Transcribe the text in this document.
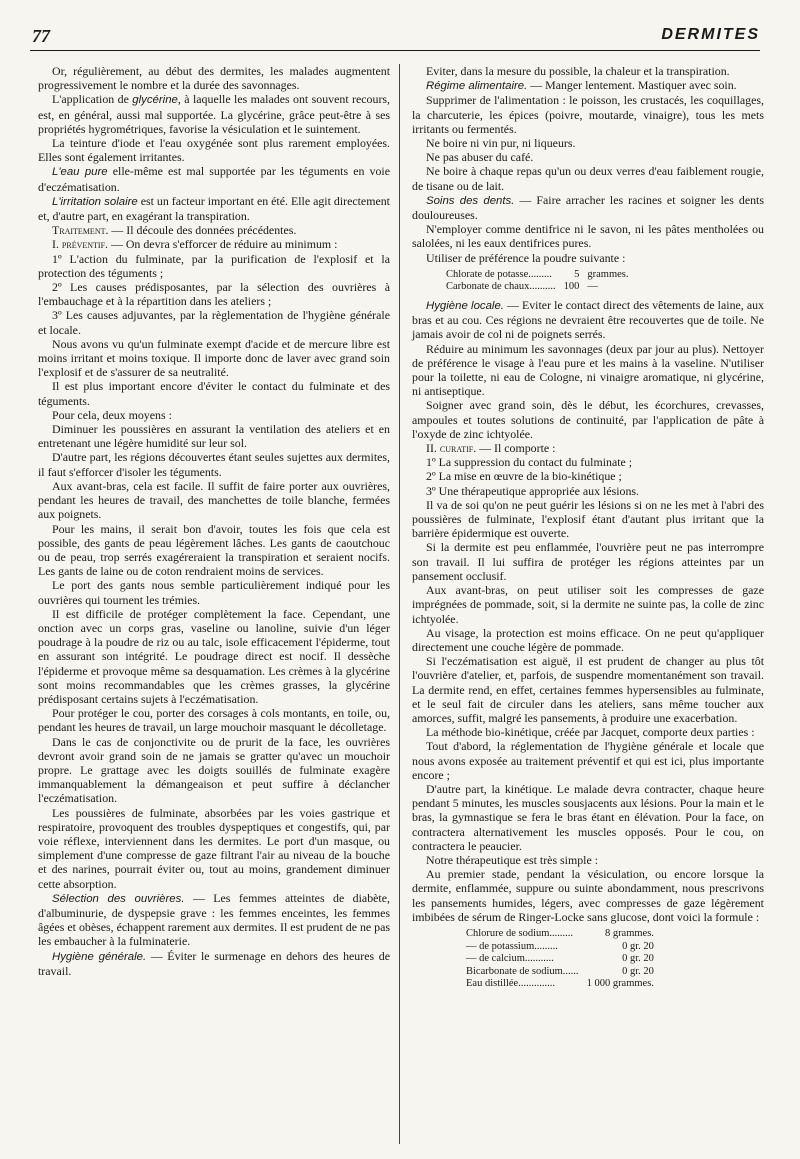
77	DERMITES

Or, régulièrement, au début des dermites, les malades augmentent progressivement le nombre et la durée des savonnages.

L'application de glycérine, à laquelle les malades ont souvent recours, est, en général, aussi mal supportée. La glycérine, grâce peut-être à ses propriétés hygrométriques, favorise la vésiculation et le suintement.

La teinture d'iode et l'eau oxygénée sont plus rarement employées. Elles sont également irritantes.

L'eau pure elle-même est mal supportée par les téguments en voie d'eczématisation.

L'irritation solaire est un facteur important en été. Elle agit directement et, d'autre part, en exagérant la transpiration.

Traitement. — Il découle des données précédentes.

I. préventif. — On devra s'efforcer de réduire au minimum :

1º L'action du fulminate, par la purification de l'explosif et la protection des téguments ;

2º Les causes prédisposantes, par la sélection des ouvrières à l'embauchage et à la répartition dans les ateliers ;

3º Les causes adjuvantes, par la règlementation de l'hygiène générale et locale.

Nous avons vu qu'un fulminate exempt d'acide et de mercure libre est moins irritant et moins toxique. Il importe donc de laver avec grand soin l'explosif et de s'assurer de sa neutralité.

Il est plus important encore d'éviter le contact du fulminate et des téguments.

Pour cela, deux moyens :

Diminuer les poussières en assurant la ventilation des ateliers et en entretenant une légère humidité sur leur sol.

D'autre part, les régions découvertes étant seules sujettes aux dermites, il faut s'efforcer d'isoler les téguments.

Aux avant-bras, cela est facile. Il suffit de faire porter aux ouvrières, pendant les heures de travail, des manchettes de toile blanche, fermées aux poignets.

Pour les mains, il serait bon d'avoir, toutes les fois que cela est possible, des gants de peau légèrement lâches. Les gants de caoutchouc ou de peau, trop serrés exagéreraient la transpiration et seraient nocifs. Les gants de laine ou de coton rendraient moins de services.

Le port des gants nous semble particulièrement indiqué pour les ouvrières qui tournent les trémies.

Il est difficile de protéger complètement la face. Cependant, une onction avec un corps gras, vaseline ou lanoline, suivie d'un léger poudrage à la poudre de riz ou au talc, isole efficacement l'épiderme, tout en assurant son intégrité. Le poudrage direct est nocif. Il dessèche l'épiderme et provoque même sa desquamation. Les crèmes à la glycérine sont moins recommandables que les crèmes grasses, la glycérine prédisposant certains sujets à l'eczématisation.

Pour protéger le cou, porter des corsages à cols montants, en toile, ou, pendant les heures de travail, un large mouchoir masquant le décolletage.

Dans le cas de conjonctivite ou de prurit de la face, les ouvrières devront avoir grand soin de ne jamais se gratter qu'avec un mouchoir propre. Le grattage avec les doigts souillés de fulminate exagère immanquablement la démangeaison et peut suffire à déclancher l'eczématisation.

Les poussières de fulminate, absorbées par les voies gastrique et respiratoire, provoquent des troubles dyspeptiques et congestifs, qui, par voie réflexe, interviennent dans les dermites. Le port d'un masque, ou simplement d'une compresse de gaze filtrant l'air au niveau de la bouche et des narines, pourrait éviter ou, tout au moins, grandement diminuer cette absorption.

Sélection des ouvrières. — Les femmes atteintes de diabète, d'albuminurie, de dyspepsie grave : les femmes enceintes, les femmes âgées et obèses, échappent rarement aux dermites. Il est prudent de ne pas les embaucher à la fulminaterie.

Hygiène générale. — Éviter le surmenage en dehors des heures de travail.

Eviter, dans la mesure du possible, la chaleur et la transpiration.

Régime alimentaire. — Manger lentement. Mastiquer avec soin.

Supprimer de l'alimentation : le poisson, les crustacés, les coquillages, la charcuterie, les épices (poivre, moutarde, vinaigre), tous les mets irritants ou fermentés.

Ne boire ni vin pur, ni liqueurs.

Ne pas abuser du café.

Ne boire à chaque repas qu'un ou deux verres d'eau faiblement rougie, de tisane ou de lait.

Soins des dents. — Faire arracher les racines et soigner les dents douloureuses.

N'employer comme dentifrice ni le savon, ni les pâtes mentholées ou salolées, ni les eaux dentifrices pures.

Utiliser de préférence la poudre suivante :

Chlorate de potasse.........	5	grammes.
Carbonate de chaux..........	100	—

Hygiène locale. — Eviter le contact direct des vêtements de laine, aux bras et au cou. Ces régions ne devraient être recouvertes que de toile. Ne jamais avoir de col ni de poignets serrés.

Réduire au minimum les savonnages (deux par jour au plus). Nettoyer de préférence le visage à l'eau pure et les mains à la vaseline. N'utiliser pour la toilette, ni eau de Cologne, ni vinaigre aromatique, ni glycérine, ni antiseptique.

Soigner avec grand soin, dès le début, les écorchures, crevasses, ampoules et toutes solutions de continuité, par l'application de pâte à l'oxyde de zinc ichtyolée.

II. curatif. — Il comporte :

1º La suppression du contact du fulminate ;

2º La mise en œuvre de la bio-kinétique ;

3º Une thérapeutique appropriée aux lésions.

Il va de soi qu'on ne peut guérir les lésions si on ne les met à l'abri des poussières de fulminate, l'explosif étant d'autant plus irritant que la barrière épidermique est ouverte.

Si la dermite est peu enflammée, l'ouvrière peut ne pas interrompre son travail. Il lui suffira de protéger les régions atteintes par un pansement occlusif.

Aux avant-bras, on peut utiliser soit les compresses de gaze imprégnées de pommade, soit, si la dermite ne suinte pas, la colle de zinc ichtyolée.

Au visage, la protection est moins efficace. On ne peut qu'appliquer directement une couche légère de pommade.

Si l'eczématisation est aiguë, il est prudent de changer au plus tôt l'ouvrière d'atelier, et, parfois, de suspendre momentanément son travail. La dermite rend, en effet, certaines femmes hypersensibles au fulminate, et le seul fait de circuler dans les ateliers, sans même toucher aux amorces, suffit, malgré les pansements, à produire une exacerbation.

La méthode bio-kinétique, créée par Jacquet, comporte deux parties :

Tout d'abord, la réglementation de l'hygiène générale et locale que nous avons exposée au traitement préventif et qui est ici, plus importante encore ;

D'autre part, la kinétique. Le malade devra contracter, chaque heure pendant 5 minutes, les muscles sousjacents aux lésions. Pour la main et le bras, la gymnastique se fera le bras étant en élévation. Pour la face, on contractera alternativement les muscles opposés. Pour le cou, on contractera le peaucier.

Notre thérapeutique est très simple :

Au premier stade, pendant la vésiculation, ou encore lorsque la dermite, enflammée, suppure ou suinte abondamment, nous prescrivons les pansements humides, légers, avec compresses de gaze légèrement imbibées de sérum de Ringer-Locke sans glucose, dont voici la formule :

Chlorure de sodium.........	8 grammes.
— de potassium.........	0 gr. 20
— de calcium...........	0 gr. 20
Bicarbonate de sodium......	0 gr. 20
Eau distillée..............	1 000 grammes.
